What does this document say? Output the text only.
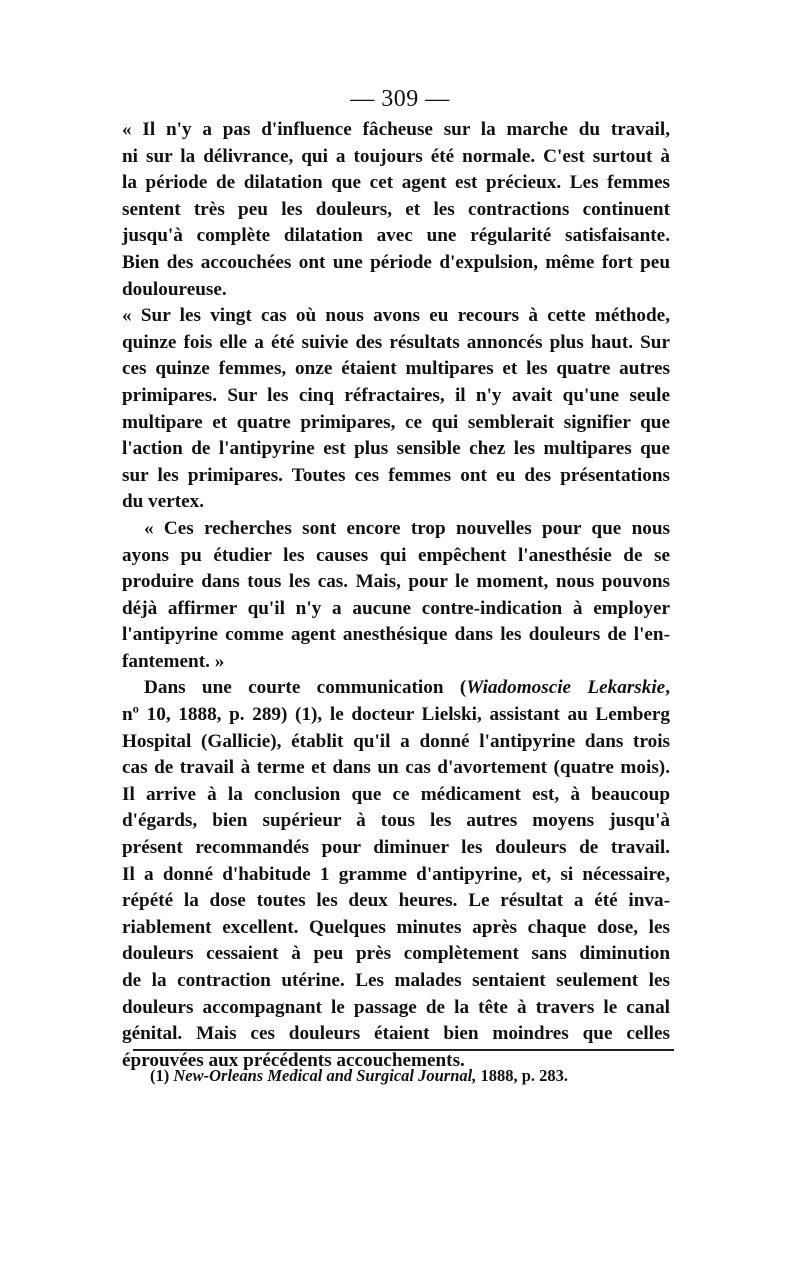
— 309 —
« Il n'y a pas d'influence fâcheuse sur la marche du travail,
ni sur la délivrance, qui a toujours été normale. C'est surtout à
la période de dilatation que cet agent est précieux. Les femmes
sentent très peu les douleurs, et les contractions continuent
jusqu'à complète dilatation avec une régularité satisfaisante.
Bien des accouchées ont une période d'expulsion, même fort peu
douloureuse.
« Sur les vingt cas où nous avons eu recours à cette méthode,
quinze fois elle a été suivie des résultats annoncés plus haut. Sur
ces quinze femmes, onze étaient multipares et les quatre autres
primipares. Sur les cinq réfractaires, il n'y avait qu'une seule
multipare et quatre primipares, ce qui semblerait signifier que
l'action de l'antipyrine est plus sensible chez les multipares que
sur les primipares. Toutes ces femmes ont eu des présentations
du vertex.
« Ces recherches sont encore trop nouvelles pour que nous
ayons pu étudier les causes qui empêchent l'anesthésie de se
produire dans tous les cas. Mais, pour le moment, nous pouvons
déjà affirmer qu'il n'y a aucune contre-indication à employer
l'antipyrine comme agent anesthésique dans les douleurs de l'en-
fantement. »
Dans une courte communication (Wiadomoscie Lekarskie,
nº 10, 1888, p. 289) (1), le docteur Lielski, assistant au Lemberg
Hospital (Gallicie), établit qu'il a donné l'antipyrine dans trois
cas de travail à terme et dans un cas d'avortement (quatre mois).
Il arrive à la conclusion que ce médicament est, à beaucoup
d'égards, bien supérieur à tous les autres moyens jusqu'à
présent recommandés pour diminuer les douleurs de travail.
Il a donné d'habitude 1 gramme d'antipyrine, et, si nécessaire,
répété la dose toutes les deux heures. Le résultat a été inva-
riablement excellent. Quelques minutes après chaque dose, les
douleurs cessaient à peu près complètement sans diminution
de la contraction utérine. Les malades sentaient seulement les
douleurs accompagnant le passage de la tête à travers le canal
génital. Mais ces douleurs étaient bien moindres que celles
éprouvées aux précédents accouchements.
(1) New-Orleans Medical and Surgical Journal, 1888, p. 283.
